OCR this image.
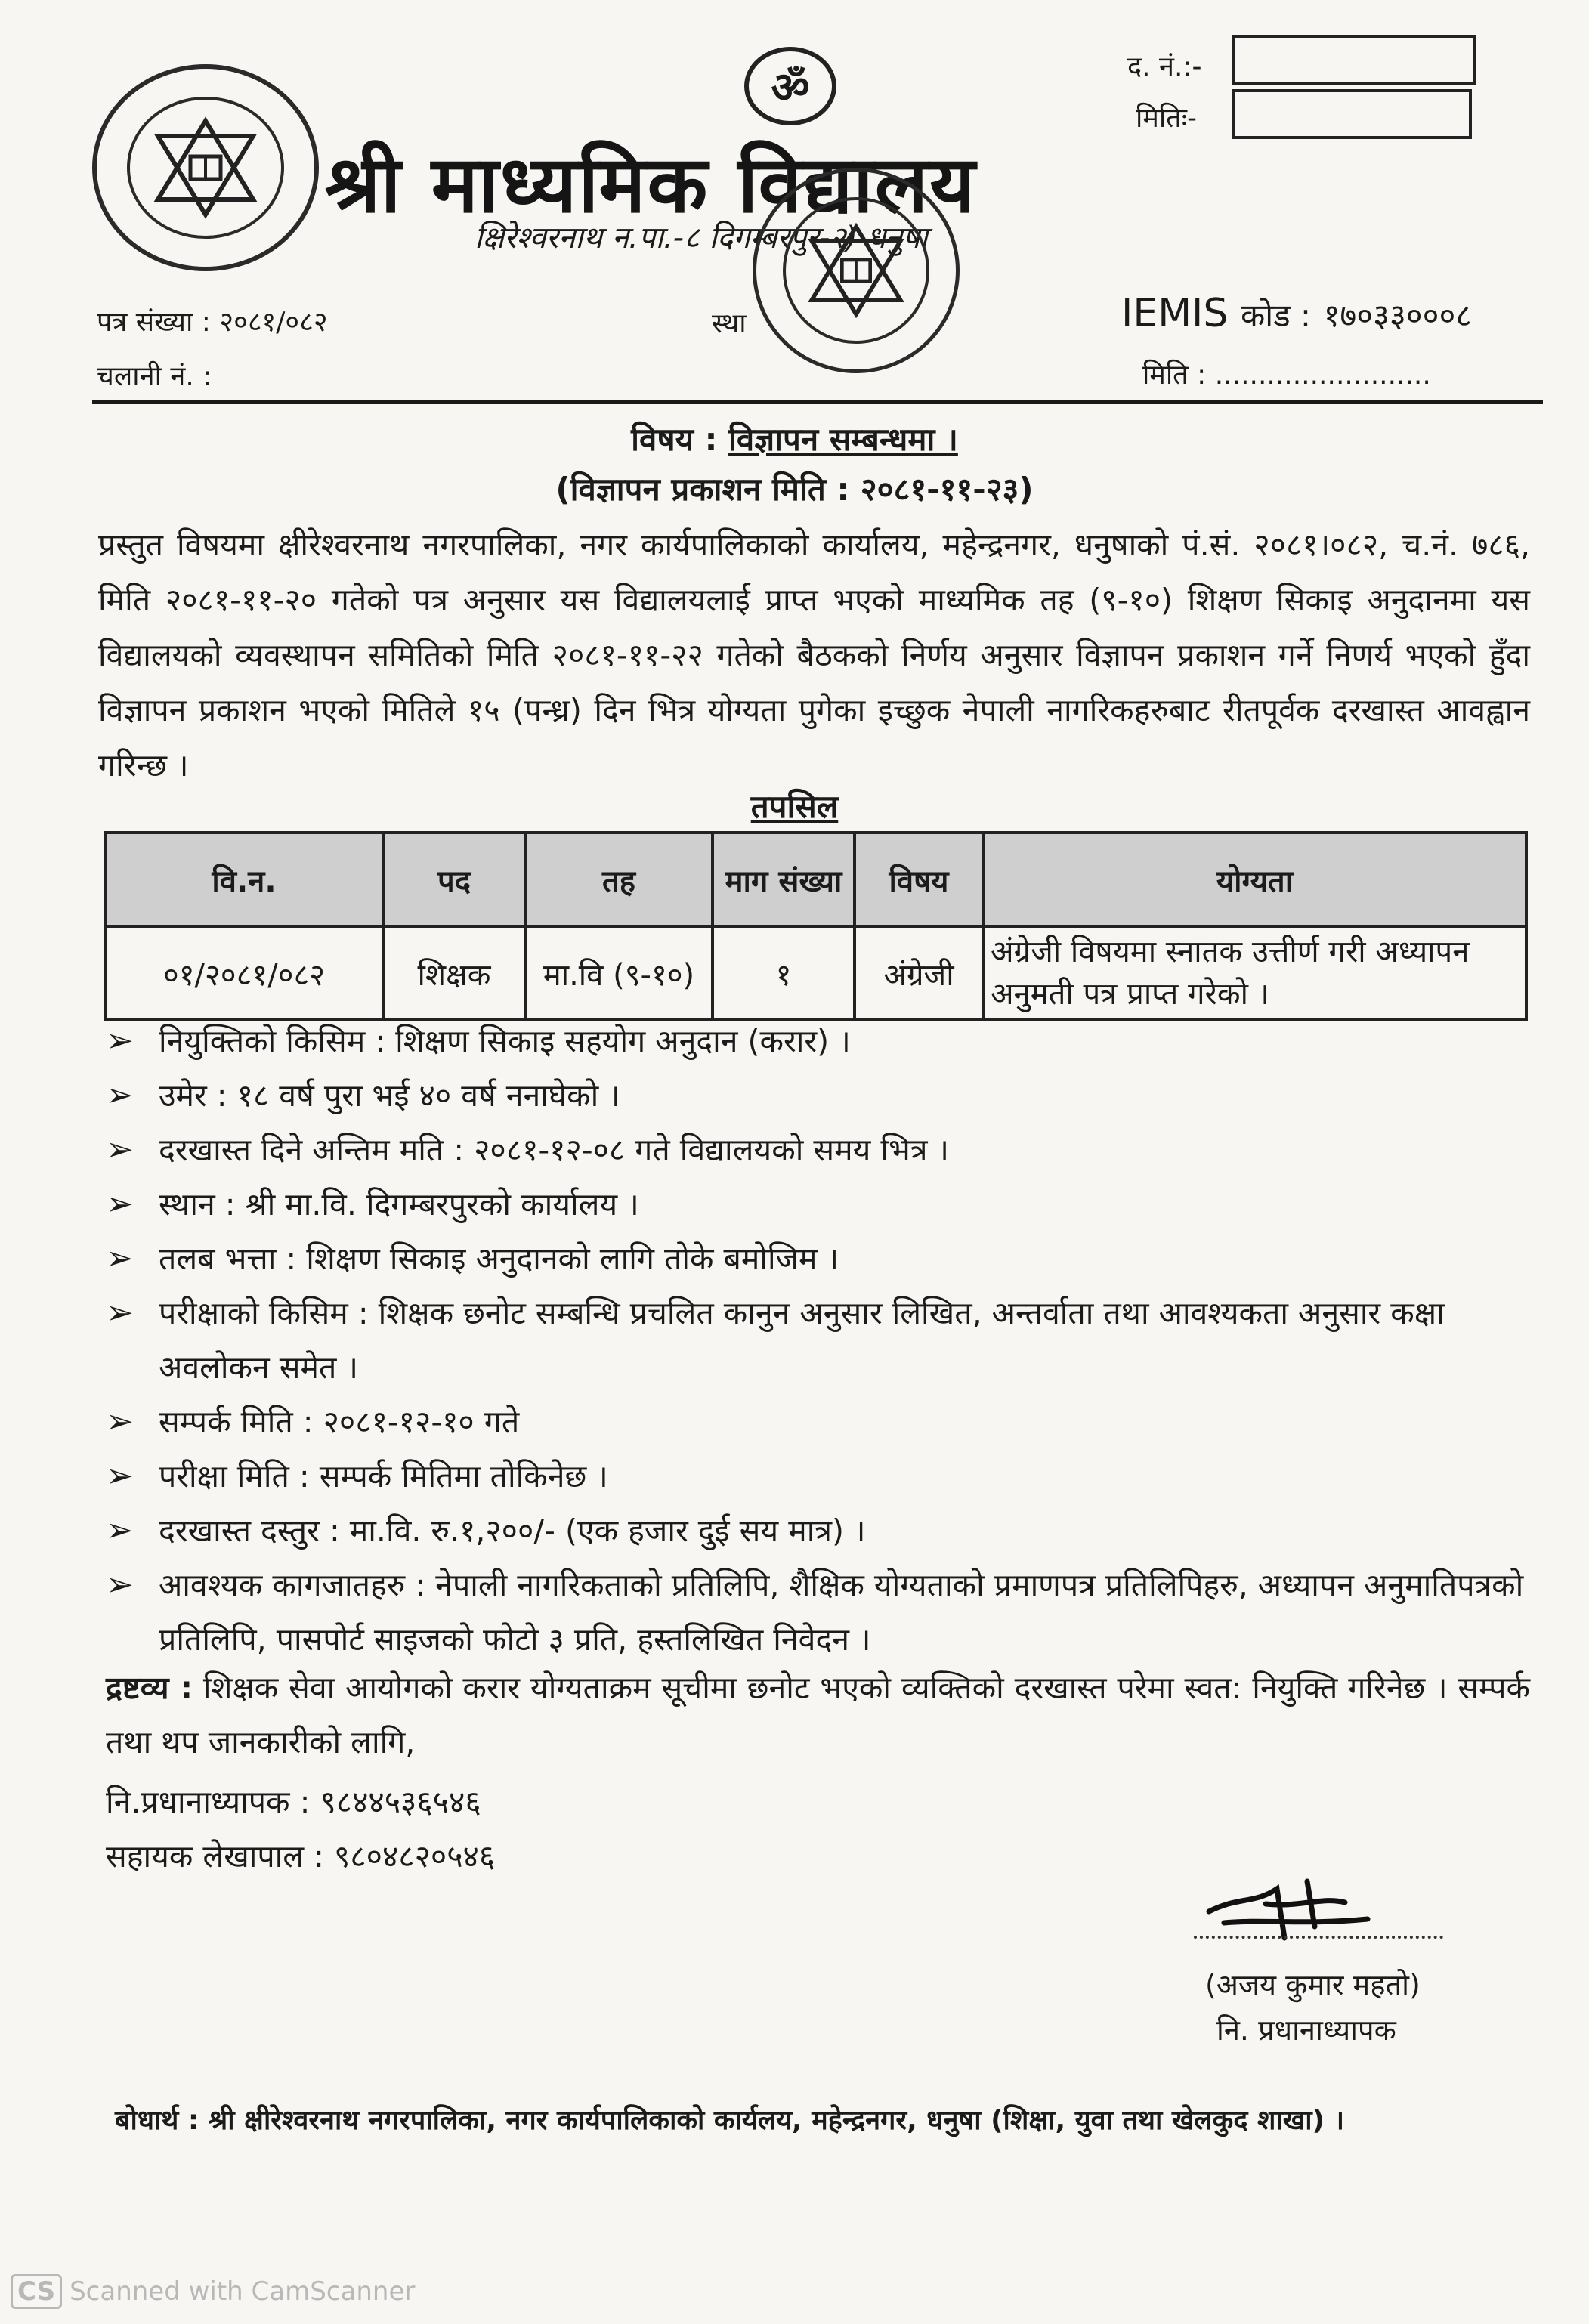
ॐ	द. नं.:-
मितिः-
श्री माध्यमिक विद्यालय
क्षिरेश्वरनाथ न.पा.-८ दिगम्बरपुर-२) धनुषा
पत्र संख्या : २०८१/०८२
चलानी नं. :
स्था	IEMIS कोड : १७०३३०००८
मिति : .........................
विषय : विज्ञापन सम्बन्धमा ।
(विज्ञापन प्रकाशन मिति : २०८१-११-२३)
प्रस्तुत विषयमा क्षीरेश्वरनाथ नगरपालिका, नगर कार्यपालिकाको कार्यालय, महेन्द्रनगर, धनुषाको पं.सं. २०८१।०८२, च.नं. ७८६, मिति २०८१-११-२० गतेको पत्र अनुसार यस विद्यालयलाई प्राप्त भएको माध्यमिक तह (९-१०) शिक्षण सिकाइ अनुदानमा यस विद्यालयको व्यवस्थापन समितिको मिति २०८१-११-२२ गतेको बैठकको निर्णय अनुसार विज्ञापन प्रकाशन गर्ने निणर्य भएको हुँदा विज्ञापन प्रकाशन भएको मितिले १५ (पन्ध्र) दिन भित्र योग्यता पुगेका इच्छुक नेपाली नागरिकहरुबाट रीतपूर्वक दरखास्त आवह्वान गरिन्छ ।
तपसिल
वि.न.	पद	तह	माग संख्या	विषय	योग्यता
०१/२०८१/०८२	शिक्षक	मा.वि (९-१०)	१	अंग्रेजी	अंग्रेजी विषयमा स्नातक उत्तीर्ण गरी अध्यापन अनुमती पत्र प्राप्त गरेको ।
➢ नियुक्तिको किसिम : शिक्षण सिकाइ सहयोग अनुदान (करार) ।
➢ उमेर : १८ वर्ष पुरा भई ४० वर्ष ननाघेको ।
➢ दरखास्त दिने अन्तिम मति : २०८१-१२-०८ गते विद्यालयको समय भित्र ।
➢ स्थान : श्री मा.वि. दिगम्बरपुरको कार्यालय ।
➢ तलब भत्ता : शिक्षण सिकाइ अनुदानको लागि तोके बमोजिम ।
➢ परीक्षाको किसिम : शिक्षक छनोट सम्बन्धि प्रचलित कानुन अनुसार लिखित, अन्तर्वाता तथा आवश्यकता अनुसार कक्षा अवलोकन समेत ।
➢ सम्पर्क मिति : २०८१-१२-१० गते
➢ परीक्षा मिति : सम्पर्क मितिमा तोकिनेछ ।
➢ दरखास्त दस्तुर : मा.वि. रु.१,२००/- (एक हजार दुई सय मात्र) ।
➢ आवश्यक कागजातहरु : नेपाली नागरिकताको प्रतिलिपि, शैक्षिक योग्यताको प्रमाणपत्र प्रतिलिपिहरु, अध्यापन अनुमातिपत्रको प्रतिलिपि, पासपोर्ट साइजको फोटो ३ प्रति, हस्तलिखित निवेदन ।
द्रष्टव्य : शिक्षक सेवा आयोगको करार योग्यताक्रम सूचीमा छनोट भएको व्यक्तिको दरखास्त परेमा स्वत: नियुक्ति गरिनेछ । सम्पर्क तथा थप जानकारीको लागि,
नि.प्रधानाध्यापक : ९८४४५३६५४६
सहायक लेखापाल : ९८०४८२०५४६
(अजय कुमार महतो)
नि. प्रधानाध्यापक
बोधार्थ : श्री क्षीरेश्वरनाथ नगरपालिका, नगर कार्यपालिकाको कार्यलय, महेन्द्रनगर, धनुषा (शिक्षा, युवा तथा खेलकुद शाखा) ।
CS Scanned with CamScanner
